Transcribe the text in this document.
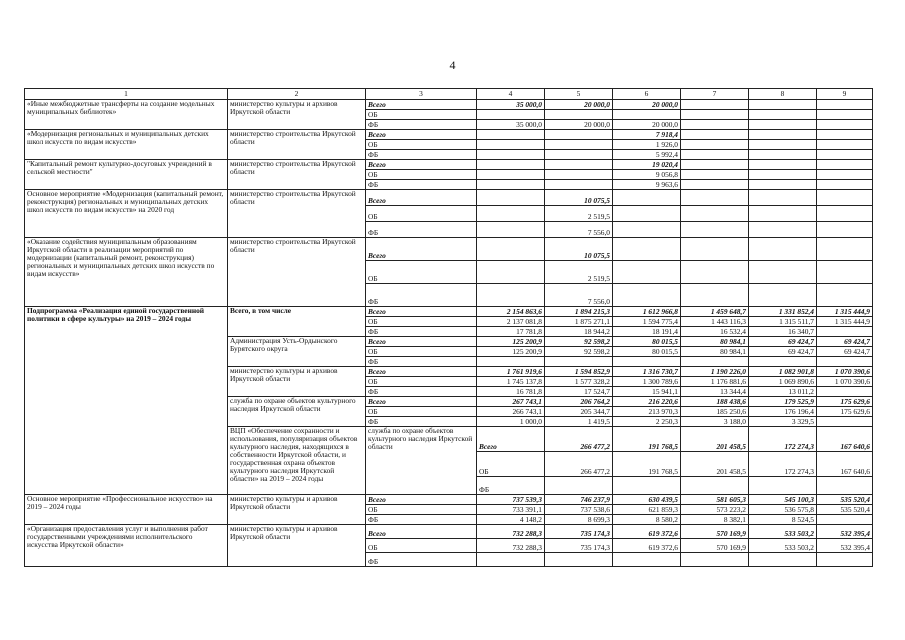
4
1	2	3	4	5	6	7	8	9	
«Иные межбюджетные трансферты на создание модельных муниципальных библиотек»	министерство культуры и архивов Иркутской области	Всего	35 000,0	20 000,0	20 000,0				
		ОБ							
		ФБ	35 000,0	20 000,0	20 000,0				
«Модернизация региональных и муниципальных детских школ искусств по видам искусств»	министерство строительства Иркутской области	Всего			7 918,4				
		ОБ			1 926,0				
		ФБ			5 992,4				
"Капитальный ремонт культурно-досуговых учреждений в сельской местности"	министерство строительства Иркутской области	Всего			19 020,4				
		ОБ			9 056,8				
		ФБ			9 963,6				
Основное мероприятие «Модернизация (капитальный ремонт, реконструкция) региональных и муниципальных детских школ искусств по видам искусств» на 2020 год	министерство строительства Иркутской области	Всего		10 075,5					
		ОБ		2 519,5					
		ФБ		7 556,0					
«Оказание содействия муниципальным образованиям Иркутской области в реализации мероприятий по модернизации (капитальный ремонт, реконструкция) региональных и муниципальных детских школ искусств по видам искусств»	министерство строительства Иркутской области	Всего		10 075,5					
		ОБ		2 519,5					
		ФБ		7 556,0					
Подпрограмма «Реализация единой государственной политики в сфере культуры» на 2019 – 2024 годы	Всего, в том числе	Всего	2 154 863,6	1 894 215,3	1 612 966,8	1 459 648,7	1 331 852,4	1 315 444,9	
		ОБ	2 137 081,8	1 875 271,1	1 594 775,4	1 443 116,3	1 315 511,7	1 315 444,9	
		ФБ	17 781,8	18 944,2	18 191,4	16 532,4	16 340,7		
	Администрация Усть-Ордынского Бурятского округа	Всего	125 200,9	92 598,2	80 015,5	80 984,1	69 424,7	69 424,7	
		ОБ	125 200,9	92 598,2	80 015,5	80 984,1	69 424,7	69 424,7	
		ФБ							
	министерство культуры и архивов Иркутской области	Всего	1 761 919,6	1 594 852,9	1 316 730,7	1 190 226,0	1 082 901,8	1 070 390,6	
		ОБ	1 745 137,8	1 577 328,2	1 300 789,6	1 176 881,6	1 069 890,6	1 070 390,6	
		ФБ	16 781,8	17 524,7	15 941,1	13 344,4	13 011,2		
	служба по охране объектов культурного наследия Иркутской области	Всего	267 743,1	206 764,2	216 220,6	188 438,6	179 525,9	175 629,6	
		ОБ	266 743,1	205 344,7	213 970,3	185 250,6	176 196,4	175 629,6	
		ФБ	1 000,0	1 419,5	2 250,3	3 188,0	3 329,5		
	ВЦП «Обеспечение сохранности и использования, популяризация объектов культурного наследия, находящихся в собственности Иркутской области, и государственная охрана объектов культурного наследия Иркутской области» на 2019 – 2024 годы	служба по охране объектов культурного наследия Иркутской области	Всего	266 477,2	191 768,5	201 458,5	172 274,3	167 640,6	
			ОБ	266 477,2	191 768,5	201 458,5	172 274,3	167 640,6	
			ФБ						
Основное мероприятие «Профессиональное искусство» на 2019 – 2024 годы	министерство культуры и архивов Иркутской области	Всего	737 539,3	746 237,9	630 439,5	581 605,3	545 100,3	535 520,4	
		ОБ	733 391,1	737 538,6	621 859,3	573 223,2	536 575,8	535 520,4	
		ФБ	4 148,2	8 699,3	8 580,2	8 382,1	8 524,5		
«Организация предоставления услуг и выполнения работ государственными учреждениями исполнительского искусства Иркутской области»	министерство культуры и архивов Иркутской области	Всего	732 288,3	735 174,3	619 372,6	570 169,9	533 503,2	532 395,4	
		ОБ	732 288,3	735 174,3	619 372,6	570 169,9	533 503,2	532 395,4	
		ФБ							
